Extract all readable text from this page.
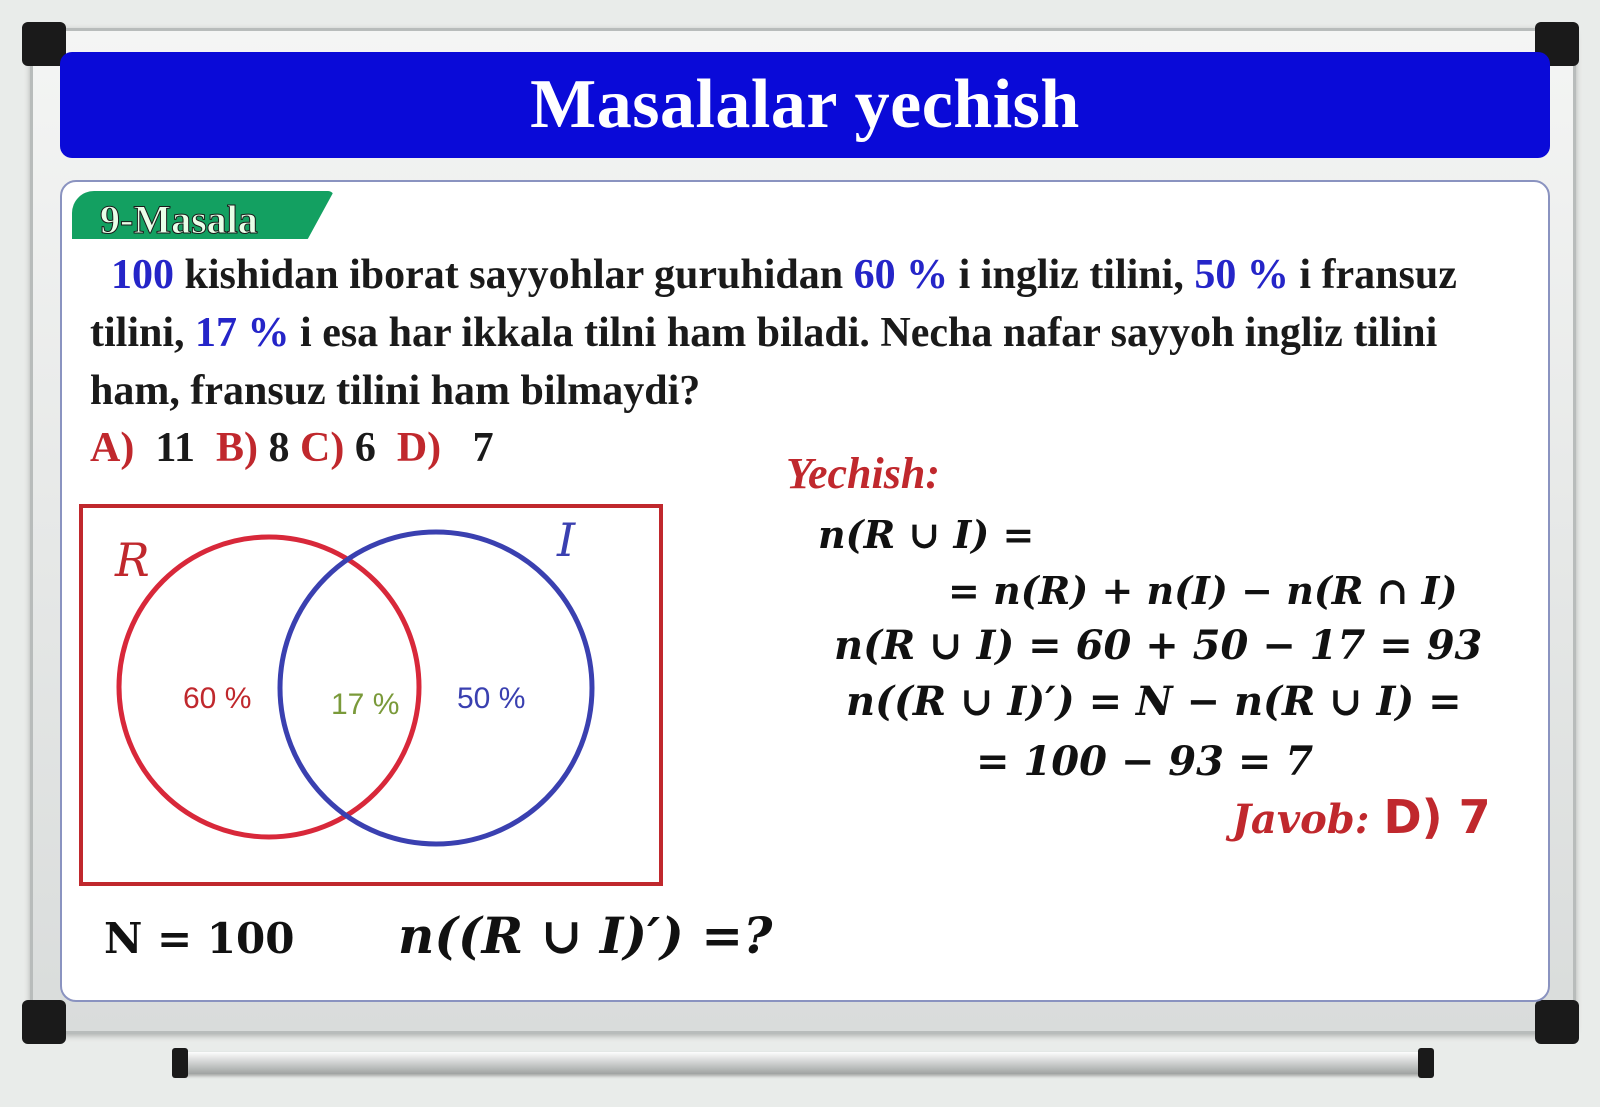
Masalalar yechish
9-Masala
100 kishidan iborat sayyohlar guruhidan 60 % i ingliz tilini, 50 % i fransuz tilini, 17 % i esa har ikkala tilni ham biladi. Necha nafar sayyoh ingliz tilini ham, fransuz tilini ham bilmaydi?
A) 11 B) 8 C) 6 D) 7
R	I
60 %	17 % 50 %
N = 100 n((R ∪ I)′) =?
Yechish:
n(R ∪ I) =
= n(R) + n(I) − n(R ∩ I)
n(R ∪ I) = 60 + 50 − 17 = 93
n((R ∪ I)′) = N − n(R ∪ I) =
= 100 − 93 = 7
Javob: D) 7
